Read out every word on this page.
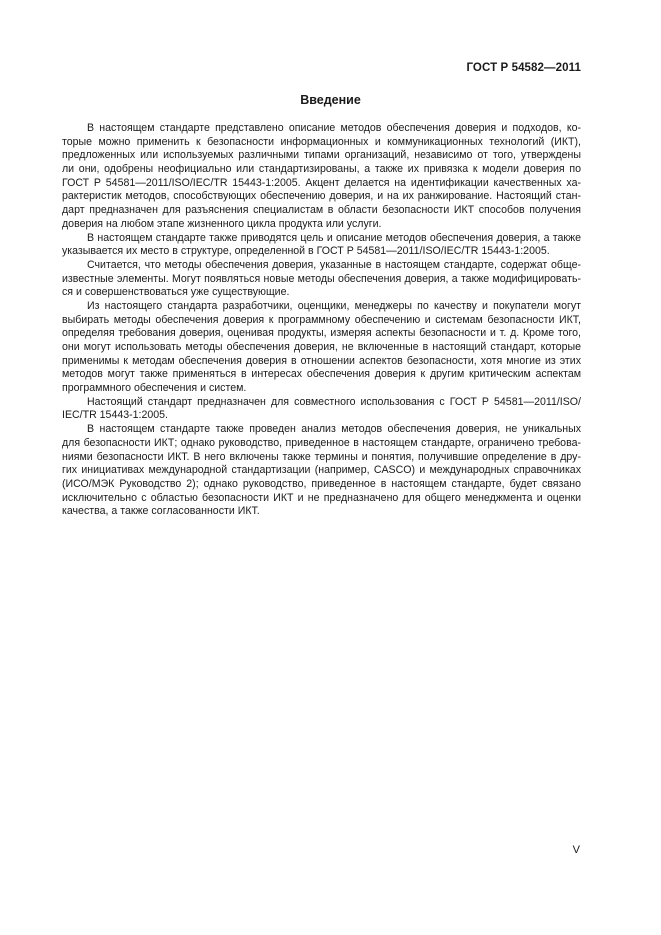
ГОСТ Р 54582—2011
Введение
В настоящем стандарте представлено описание методов обеспечения доверия и подходов, ко-
торые можно применить к безопасности информационных и коммуникационных технологий (ИКТ),
предложенных или используемых различными типами организаций, независимо от того, утверждены
ли они, одобрены неофициально или стандартизированы, а также их привязка к модели доверия по
ГОСТ Р 54581—2011/ISO/IEC/TR 15443-1:2005. Акцент делается на идентификации качественных ха-
рактеристик методов, способствующих обеспечению доверия, и на их ранжирование. Настоящий стан-
дарт предназначен для разъяснения специалистам в области безопасности ИКТ способов получения
доверия на любом этапе жизненного цикла продукта или услуги.
В настоящем стандарте также приводятся цель и описание методов обеспечения доверия, а также
указывается их место в структуре, определенной в ГОСТ Р 54581—2011/ISO/IEC/TR 15443-1:2005.
Считается, что методы обеспечения доверия, указанные в настоящем стандарте, содержат обще-
известные элементы. Могут появляться новые методы обеспечения доверия, а также модифицировать-
ся и совершенствоваться уже существующие.
Из настоящего стандарта разработчики, оценщики, менеджеры по качеству и покупатели могут
выбирать методы обеспечения доверия к программному обеспечению и системам безопасности ИКТ,
определяя требования доверия, оценивая продукты, измеряя аспекты безопасности и т. д. Кроме того,
они могут использовать методы обеспечения доверия, не включенные в настоящий стандарт, которые
применимы к методам обеспечения доверия в отношении аспектов безопасности, хотя многие из этих
методов могут также применяться в интересах обеспечения доверия к другим критическим аспектам
программного обеспечения и систем.
Настоящий стандарт предназначен для совместного использования с ГОСТ Р 54581—2011/ISO/
IEC/TR 15443-1:2005.
В настоящем стандарте также проведен анализ методов обеспечения доверия, не уникальных
для безопасности ИКТ; однако руководство, приведенное в настоящем стандарте, ограничено требова-
ниями безопасности ИКТ. В него включены также термины и понятия, получившие определение в дру-
гих инициативах международной стандартизации (например, CASCO) и международных справочниках
(ИСО/МЭК Руководство 2); однако руководство, приведенное в настоящем стандарте, будет связано
исключительно с областью безопасности ИКТ и не предназначено для общего менеджмента и оценки
качества, а также согласованности ИКТ.
V
